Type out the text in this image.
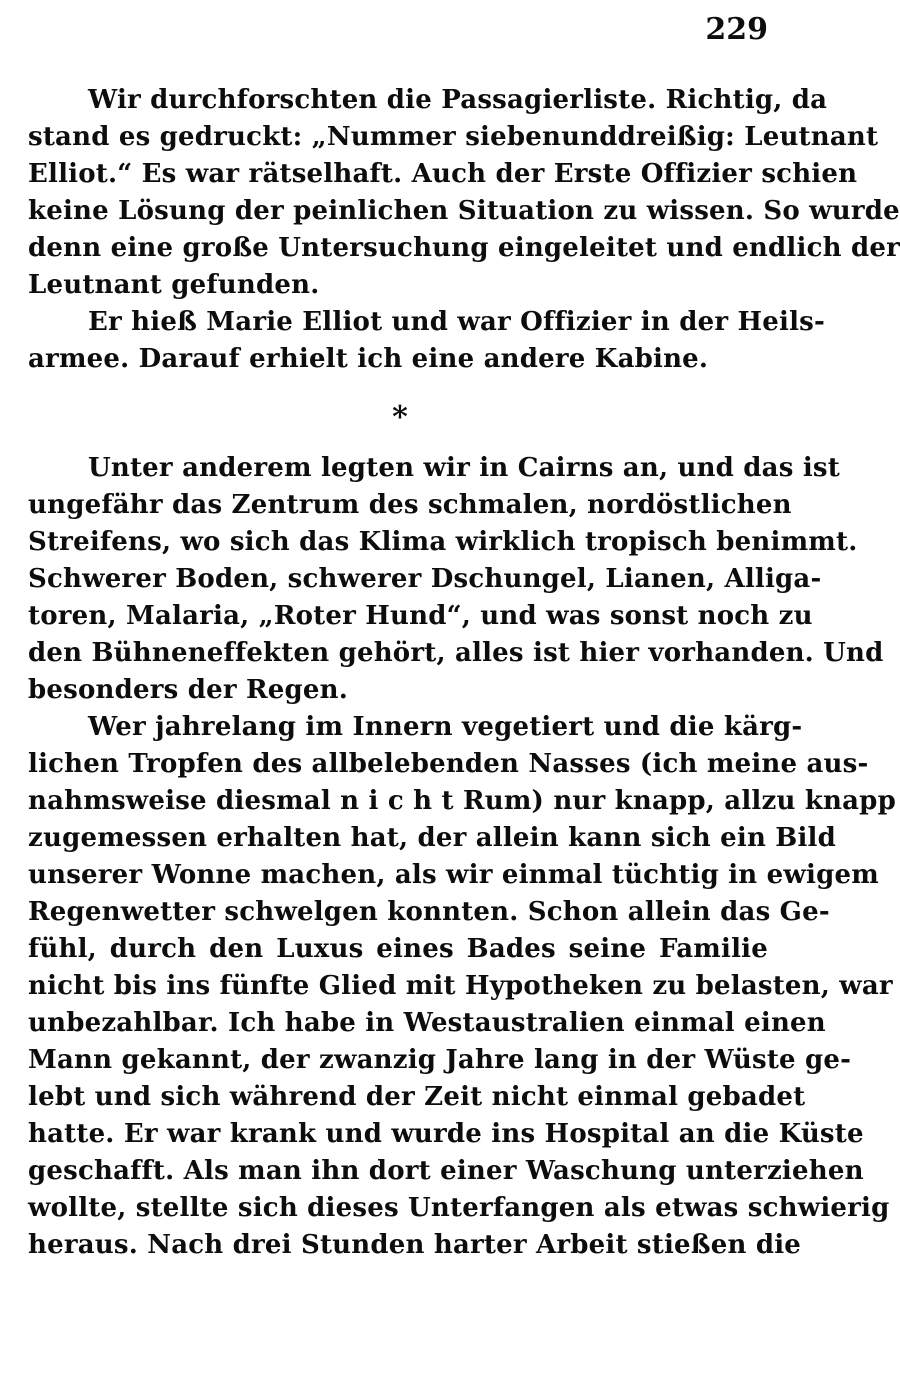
229
Wir durchforschten die Passagierliste. Richtig, da
stand es gedruckt: „Nummer siebenunddreißig: Leutnant
Elliot.“ Es war rätselhaft. Auch der Erste Offizier schien
keine Lösung der peinlichen Situation zu wissen. So wurde
denn eine große Untersuchung eingeleitet und endlich der
Leutnant gefunden.
Er hieß Marie Elliot und war Offizier in der Heils-
armee. Darauf erhielt ich eine andere Kabine.
*
Unter anderem legten wir in Cairns an, und das ist
ungefähr das Zentrum des schmalen, nordöstlichen
Streifens, wo sich das Klima wirklich tropisch benimmt.
Schwerer Boden, schwerer Dschungel, Lianen, Alliga-
toren, Malaria, „Roter Hund“, und was sonst noch zu
den Bühneneffekten gehört, alles ist hier vorhanden. Und
besonders der Regen.
Wer jahrelang im Innern vegetiert und die kärg-
lichen Tropfen des allbelebenden Nasses (ich meine aus-
nahmsweise diesmal n i c h t Rum) nur knapp, allzu knapp
zugemessen erhalten hat, der allein kann sich ein Bild
unserer Wonne machen, als wir einmal tüchtig in ewigem
Regenwetter schwelgen konnten. Schon allein das Ge-
fühl, durch den Luxus eines Bades seine Familie
nicht bis ins fünfte Glied mit Hypotheken zu belasten, war
unbezahlbar. Ich habe in Westaustralien einmal einen
Mann gekannt, der zwanzig Jahre lang in der Wüste ge-
lebt und sich während der Zeit nicht einmal gebadet
hatte. Er war krank und wurde ins Hospital an die Küste
geschafft. Als man ihn dort einer Waschung unterziehen
wollte, stellte sich dieses Unterfangen als etwas schwierig
heraus. Nach drei Stunden harter Arbeit stießen die
